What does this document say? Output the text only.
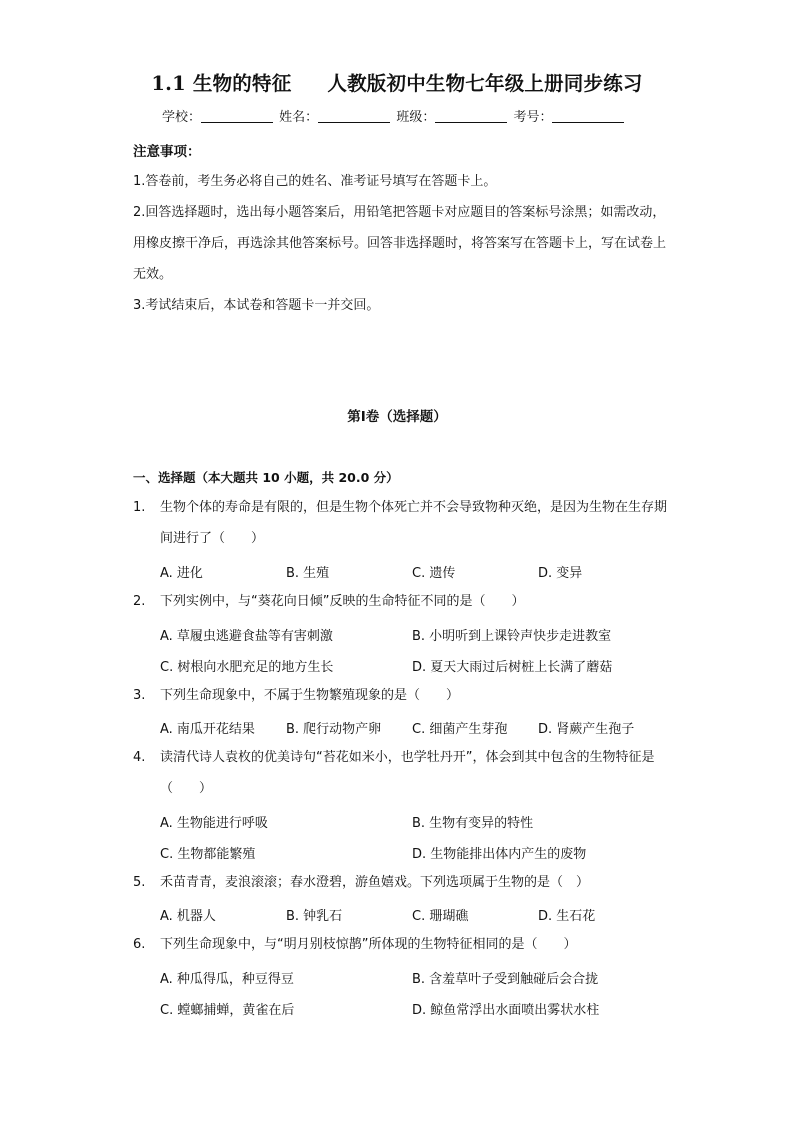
1.1 生物的特征 人教版初中生物七年级上册同步练习
学校：	姓名：	班级：	考号：
注意事项：
1.答卷前，考生务必将自己的姓名、准考证号填写在答题卡上。
2.回答选择题时，选出每小题答案后，用铅笔把答题卡对应题目的答案标号涂黑；如需改动，用橡皮擦干净后，再选涂其他答案标号。回答非选择题时，将答案写在答题卡上，写在试卷上无效。
3.考试结束后，本试卷和答题卡一并交回。
第Ⅰ卷（选择题）
一、选择题（本大题共 10 小题，共 20.0 分）
1.	生物个体的寿命是有限的，但是生物个体死亡并不会导致物种灭绝，是因为生物在生存期间进行了（　　）
A. 进化	B. 生殖	C. 遗传	D. 变异
2.	下列实例中，与“葵花向日倾”反映的生命特征不同的是（　　）
A. 草履虫逃避食盐等有害刺激	B. 小明听到上课铃声快步走进教室
C. 树根向水肥充足的地方生长	D. 夏天大雨过后树桩上长满了蘑菇
3.	下列生命现象中，不属于生物繁殖现象的是（　　）
A. 南瓜开花结果 B. 爬行动物产卵 C. 细菌产生芽孢 D. 肾蕨产生孢子
4.	读清代诗人袁枚的优美诗句“苔花如米小，也学牡丹开”，体会到其中包含的生物特征是（　　）
A. 生物能进行呼吸	B. 生物有变异的特性
C. 生物都能繁殖	D. 生物能排出体内产生的废物
5.	禾苗青青，麦浪滚滚；春水澄碧，游鱼嬉戏。下列选项属于生物的是（　）
A. 机器人	B. 钟乳石	C. 珊瑚礁	D. 生石花
6.	下列生命现象中，与“明月别枝惊鹊”所体现的生物特征相同的是（　　）
A. 种瓜得瓜，种豆得豆	B. 含羞草叶子受到触碰后会合拢
C. 螳螂捕蝉，黄雀在后	D. 鲸鱼常浮出水面喷出雾状水柱
